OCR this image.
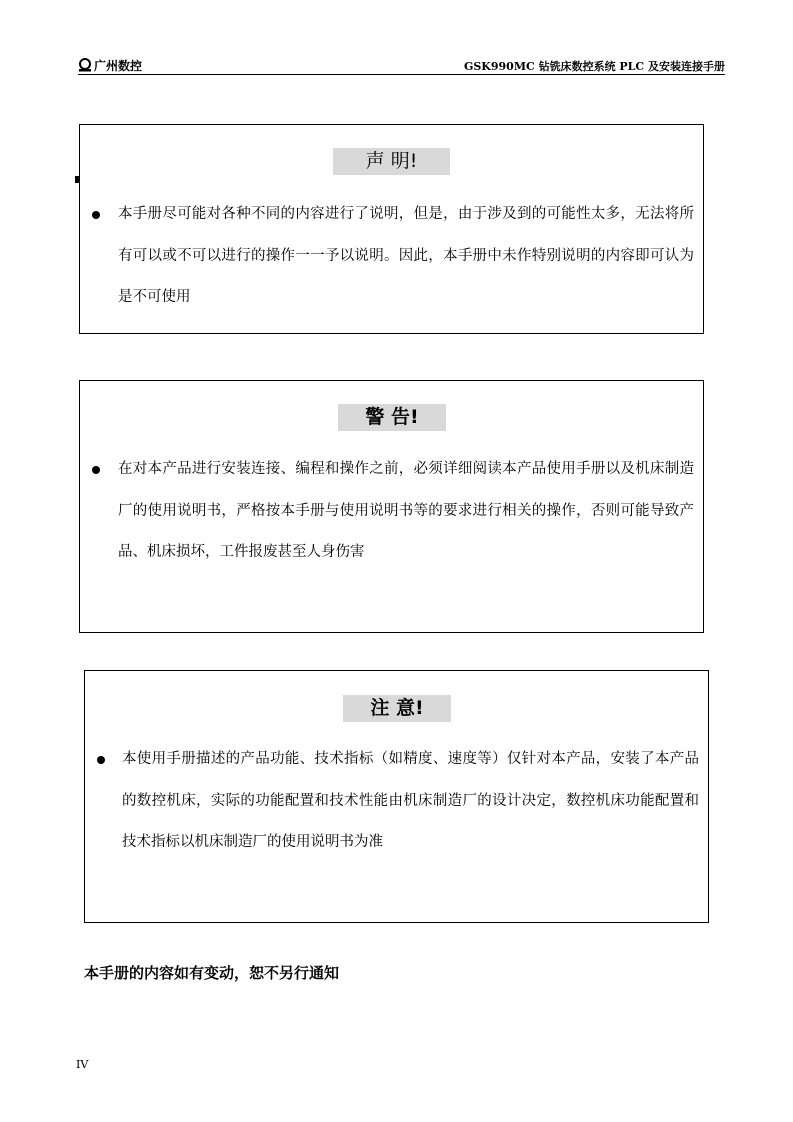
广州数控	GSK990MC 钻铣床数控系统 PLC 及安装连接手册
声 明!
本手册尽可能对各种不同的内容进行了说明，但是，由于涉及到的可能性太多，无法将所有可以或不可以进行的操作一一予以说明。因此，本手册中未作特别说明的内容即可认为是不可使用
警 告!
在对本产品进行安装连接、编程和操作之前，必须详细阅读本产品使用手册以及机床制造厂的使用说明书，严格按本手册与使用说明书等的要求进行相关的操作，否则可能导致产品、机床损坏，工件报废甚至人身伤害
注 意!
本使用手册描述的产品功能、技术指标（如精度、速度等）仅针对本产品，安装了本产品的数控机床，实际的功能配置和技术性能由机床制造厂的设计决定，数控机床功能配置和技术指标以机床制造厂的使用说明书为准
本手册的内容如有变动，恕不另行通知
IV
